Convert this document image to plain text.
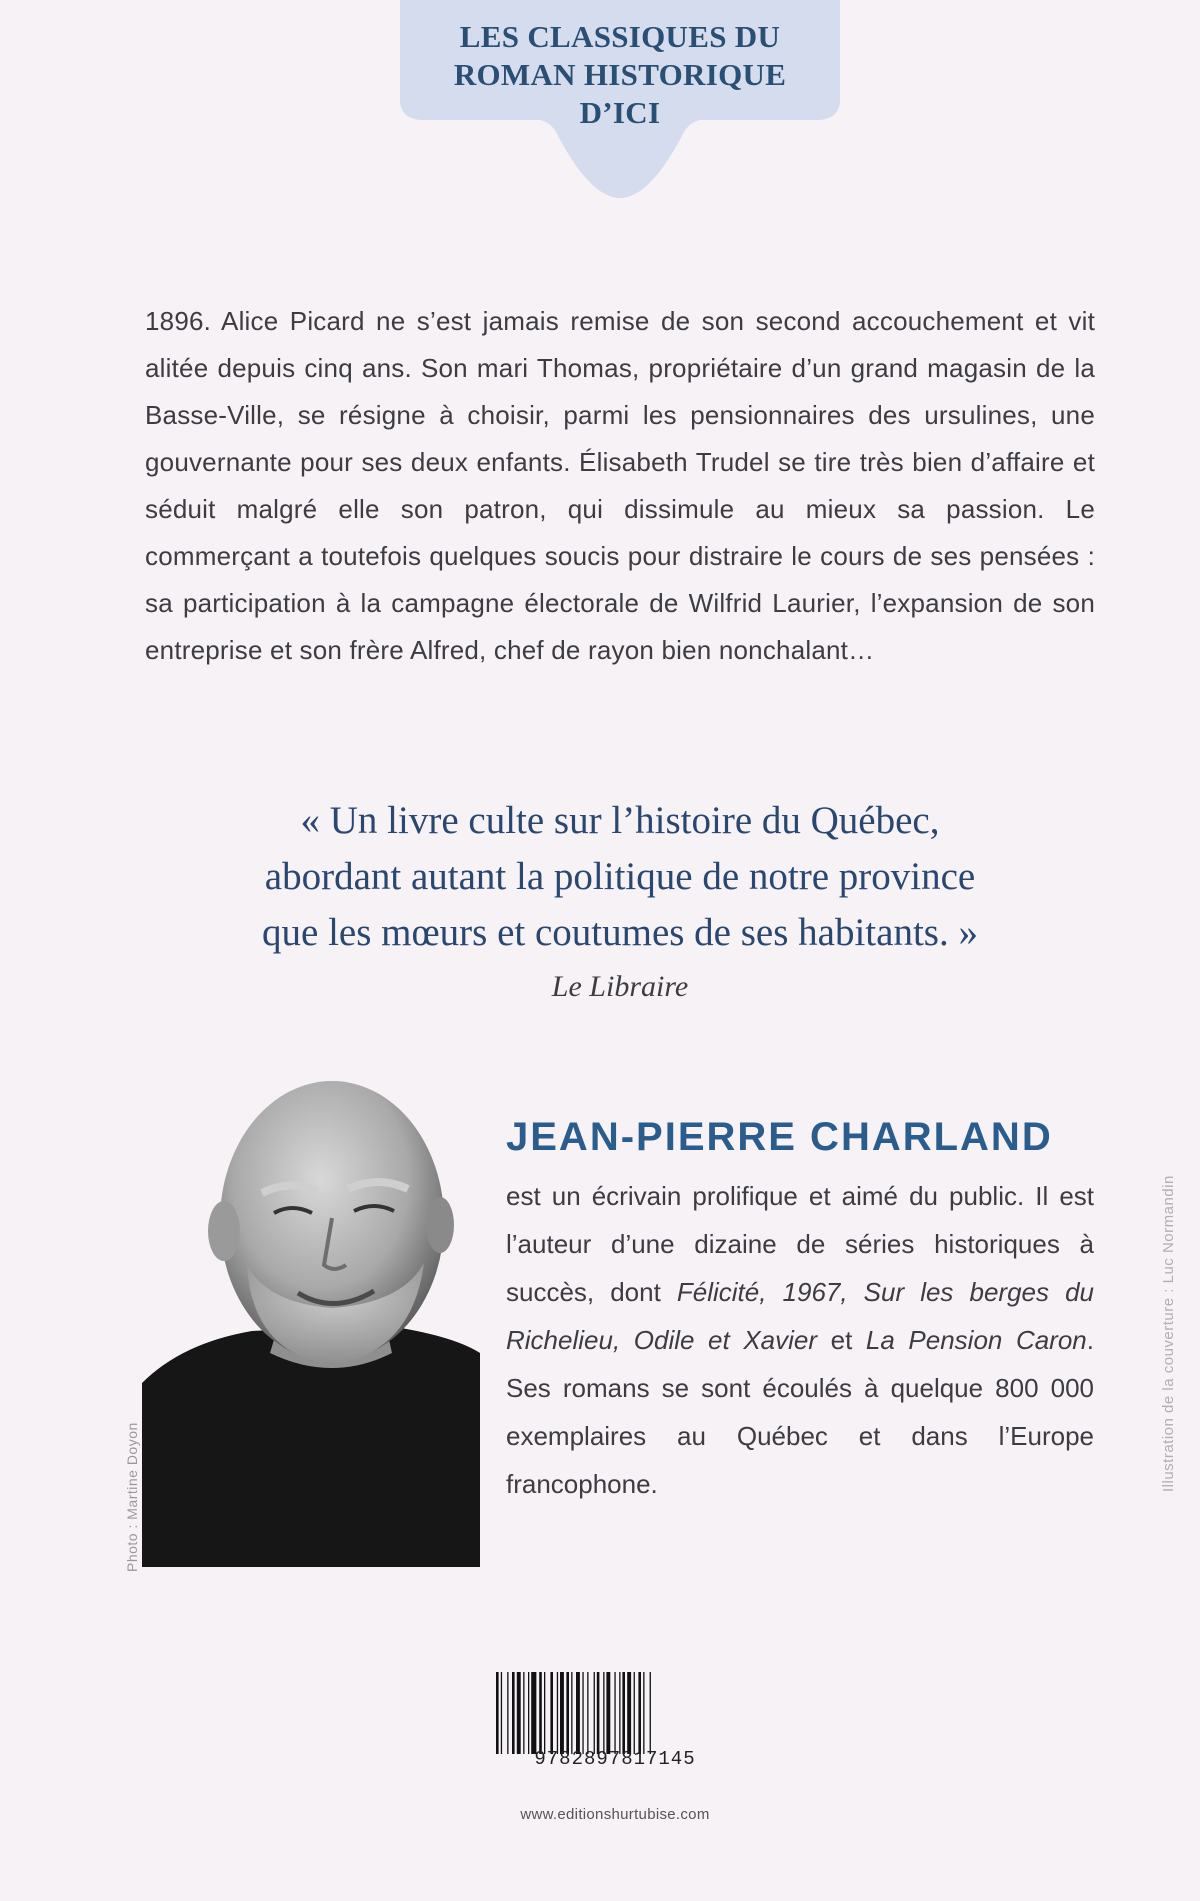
LES CLASSIQUES DU
ROMAN HISTORIQUE
D’ICI
1896. Alice Picard ne s’est jamais remise de son second accouchement et vit alitée depuis cinq ans. Son mari Thomas, propriétaire d’un grand magasin de la Basse-Ville, se résigne à choisir, parmi les pensionnaires des ursulines, une gouvernante pour ses deux enfants. Élisabeth Trudel se tire très bien d’affaire et séduit malgré elle son patron, qui dissimule au mieux sa passion. Le commerçant a toutefois quelques soucis pour distraire le cours de ses pensées : sa participation à la campagne électorale de Wilfrid Laurier, l’expansion de son entreprise et son frère Alfred, chef de rayon bien nonchalant…
« Un livre culte sur l’histoire du Québec,
abordant autant la politique de notre province
que les mœurs et coutumes de ses habitants. »
Le Libraire
Photo : Martine Doyon
JEAN-PIERRE CHARLAND
est un écrivain prolifique et aimé du public. Il est l’auteur d’une dizaine de séries historiques à succès, dont Félicité, 1967, Sur les berges du Richelieu, Odile et Xavier et La Pension Caron. Ses romans se sont écoulés à quelque 800 000 exemplaires au Québec et dans l’Europe francophone.	Illustration de la couverture : Luc Normandin
9782897817145
www.editionshurtubise.com
